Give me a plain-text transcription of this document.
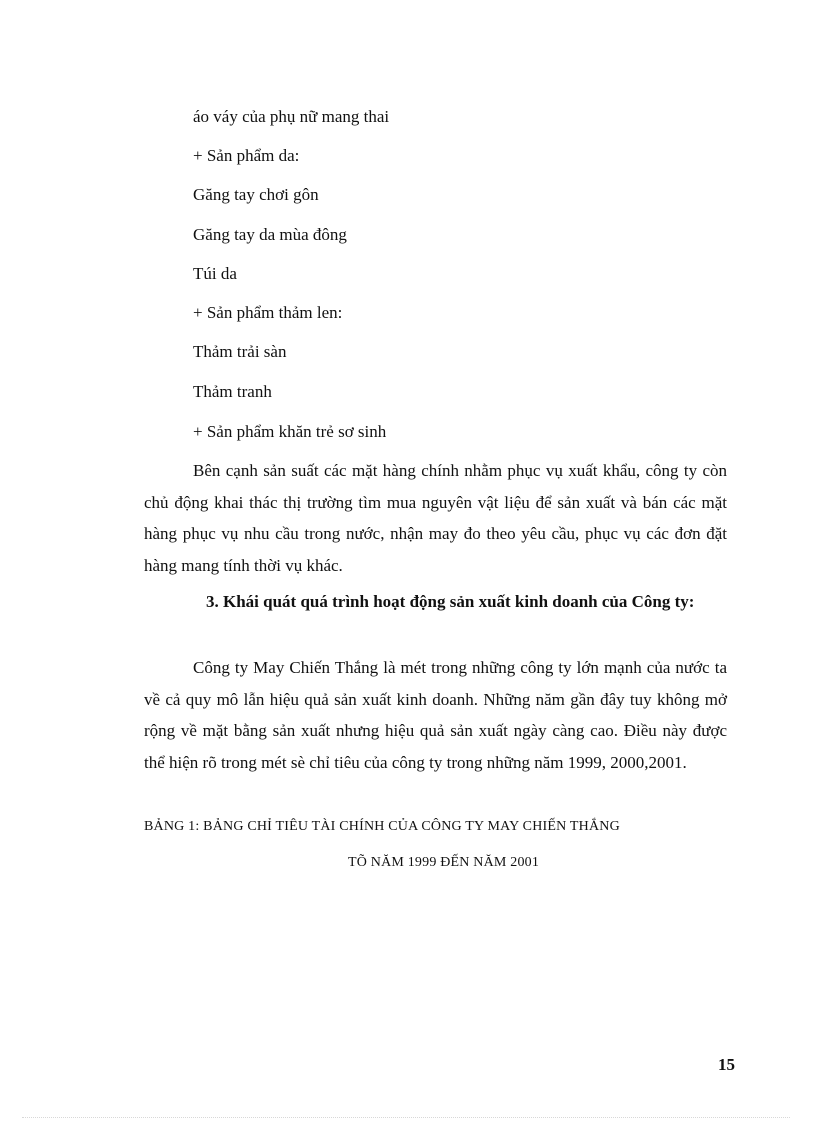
áo váy của phụ nữ mang thai
+ Sản phẩm da:
Găng tay chơi gôn
Găng tay da mùa đông
Túi da
+ Sản phẩm thảm len:
Thảm trải sàn
Thảm tranh
+ Sản phẩm khăn trẻ sơ sinh
Bên cạnh sản suất các mặt hàng chính nhằm phục vụ xuất khẩu, công ty còn chủ động khai thác thị trường tìm mua nguyên vật liệu để sản xuất và bán các mặt hàng phục vụ nhu cầu trong nước, nhận may đo theo yêu cầu, phục vụ các đơn đặt hàng mang tính thời vụ khác.
3. Khái quát quá trình hoạt động sản xuất kinh doanh của Công ty:
Công ty May Chiến Thắng là mét trong những công ty lớn mạnh của nước ta về cả quy mô lẫn hiệu quả sản xuất kinh doanh. Những năm gần đây tuy không mở rộng về mặt bằng sản xuất nhưng hiệu quả sản xuất ngày càng cao. Điều này được thể hiện rõ trong mét sè chỉ tiêu của công ty trong những năm 1999, 2000,2001.
BẢNG 1: BẢNG CHỈ TIÊU TÀI CHÍNH CỦA CÔNG TY MAY CHIẾN THẮNG
TÕ NĂM 1999 ĐẾN NĂM 2001
15
